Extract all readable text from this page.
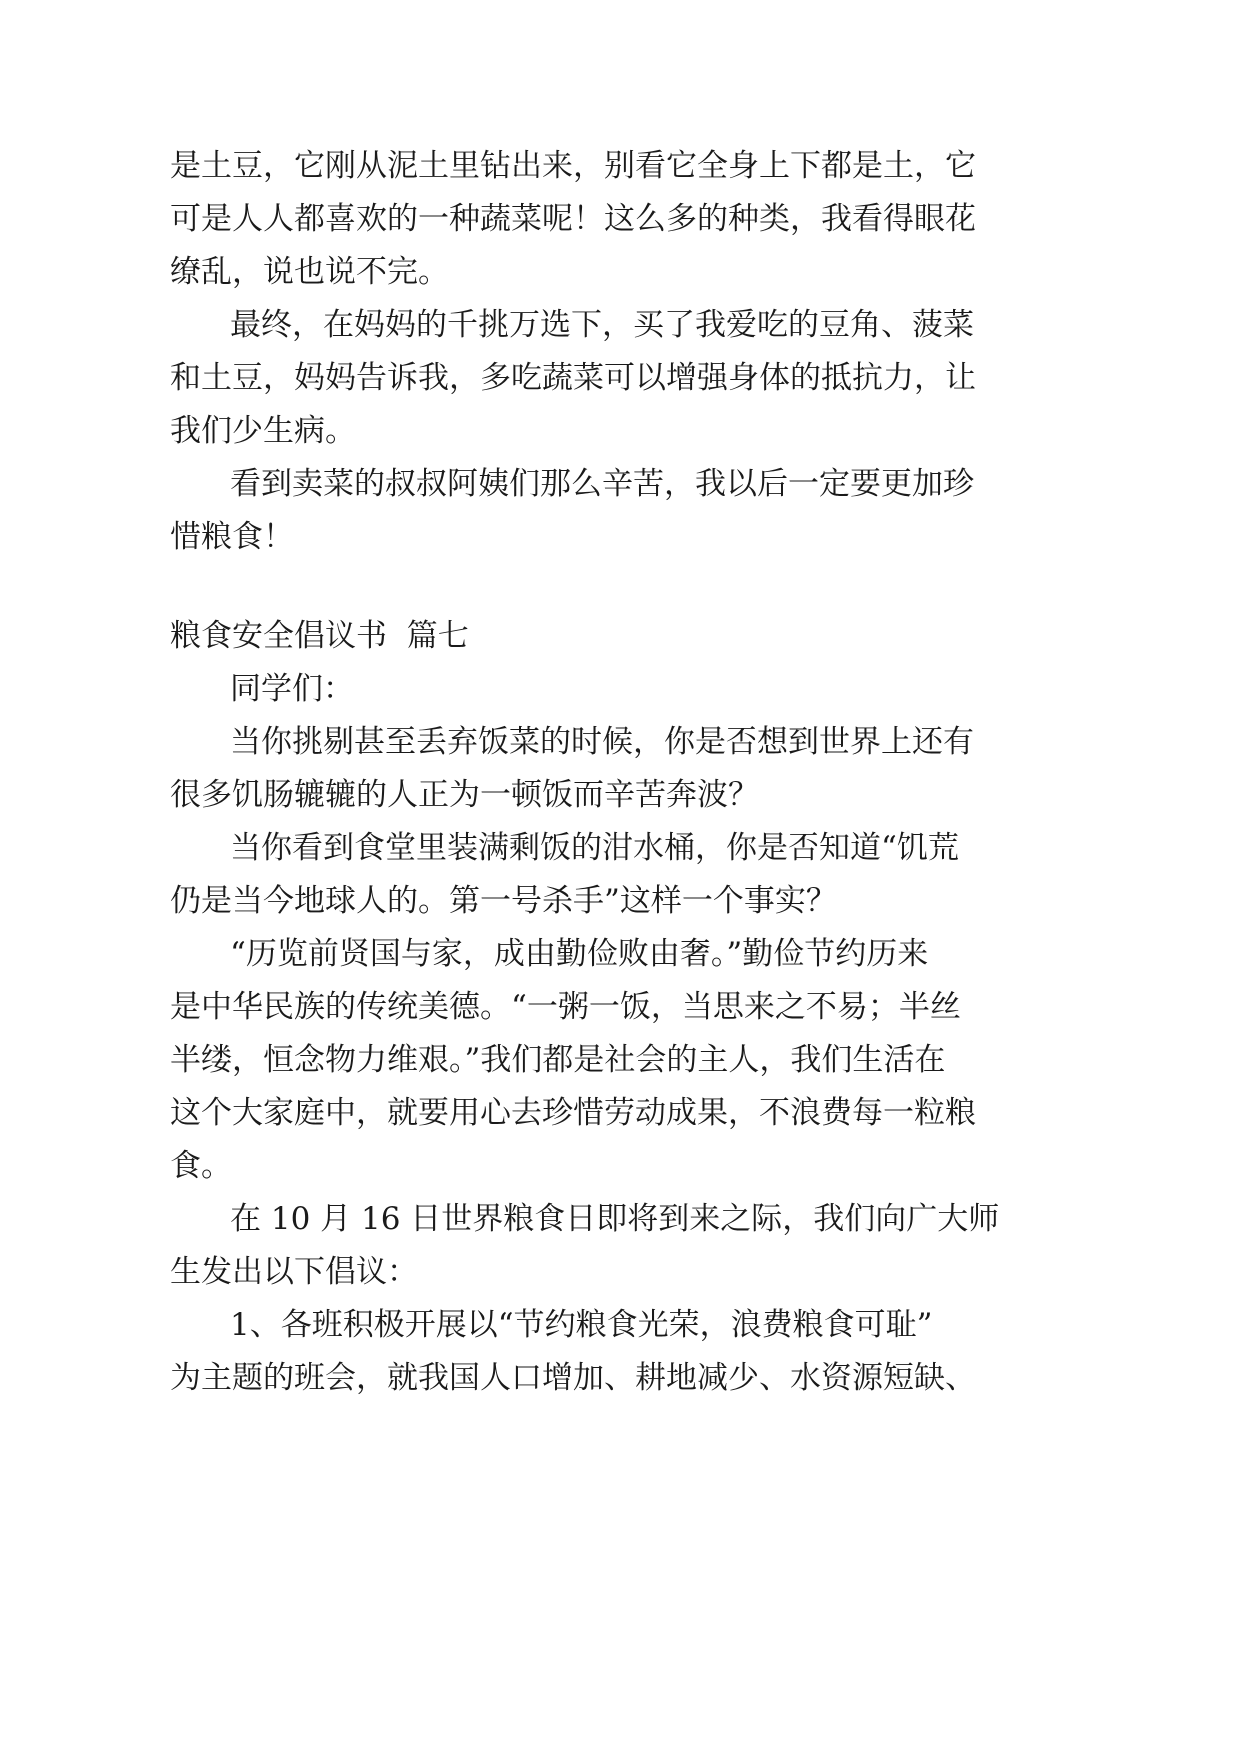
是土豆，它刚从泥土里钻出来，别看它全身上下都是土，它
可是人人都喜欢的一种蔬菜呢！这么多的种类，我看得眼花
缭乱，说也说不完。
最终，在妈妈的千挑万选下，买了我爱吃的豆角、菠菜
和土豆，妈妈告诉我，多吃蔬菜可以增强身体的抵抗力，让
我们少生病。
看到卖菜的叔叔阿姨们那么辛苦，我以后一定要更加珍
惜粮食！
粮食安全倡议书  篇七
同学们：
当你挑剔甚至丢弃饭菜的时候，你是否想到世界上还有
很多饥肠辘辘的人正为一顿饭而辛苦奔波？
当你看到食堂里装满剩饭的泔水桶，你是否知道“饥荒
仍是当今地球人的。第一号杀手”这样一个事实？
“历览前贤国与家，成由勤俭败由奢。”勤俭节约历来
是中华民族的传统美德。“一粥一饭，当思来之不易；半丝
半缕，恒念物力维艰。”我们都是社会的主人，我们生活在
这个大家庭中，就要用心去珍惜劳动成果，不浪费每一粒粮
食。
在 10 月 16 日世界粮食日即将到来之际，我们向广大师
生发出以下倡议：
1、各班积极开展以“节约粮食光荣，浪费粮食可耻”
为主题的班会，就我国人口增加、耕地减少、水资源短缺、
